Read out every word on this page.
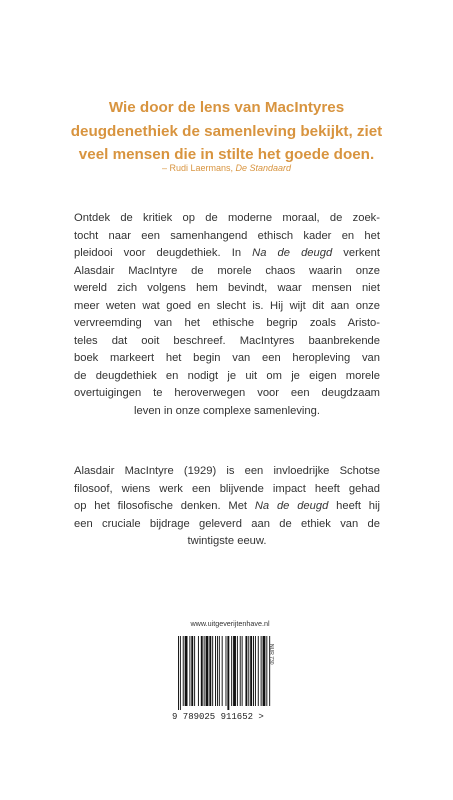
Wie door de lens van MacIntyres
deugdenethiek de samenleving bekijkt, ziet
veel mensen die in stilte het goede doen.
– Rudi Laermans, De Standaard
Ontdek de kritiek op de moderne moraal, de zoek-
tocht naar een samenhangend ethisch kader en het
pleidooi voor deugdethiek. In Na de deugd verkent
Alasdair MacIntyre de morele chaos waarin onze
wereld zich volgens hem bevindt, waar mensen niet
meer weten wat goed en slecht is. Hij wijt dit aan onze
vervreemding van het ethische begrip zoals Aristo-
teles dat ooit beschreef. MacIntyres baanbrekende
boek markeert het begin van een heropleving van
de deugdethiek en nodigt je uit om je eigen morele
overtuigingen te heroverwegen voor een deugdzaam
leven in onze complexe samenleving.
Alasdair MacIntyre (1929) is een invloedrijke Schotse
filosoof, wiens werk een blijvende impact heeft gehad
op het filosofische denken. Met Na de deugd heeft hij
een cruciale bijdrage geleverd aan de ethiek van de
twintigste eeuw.
www.uitgeverijtenhave.nl
NUR 730
9 789025 911652 >
